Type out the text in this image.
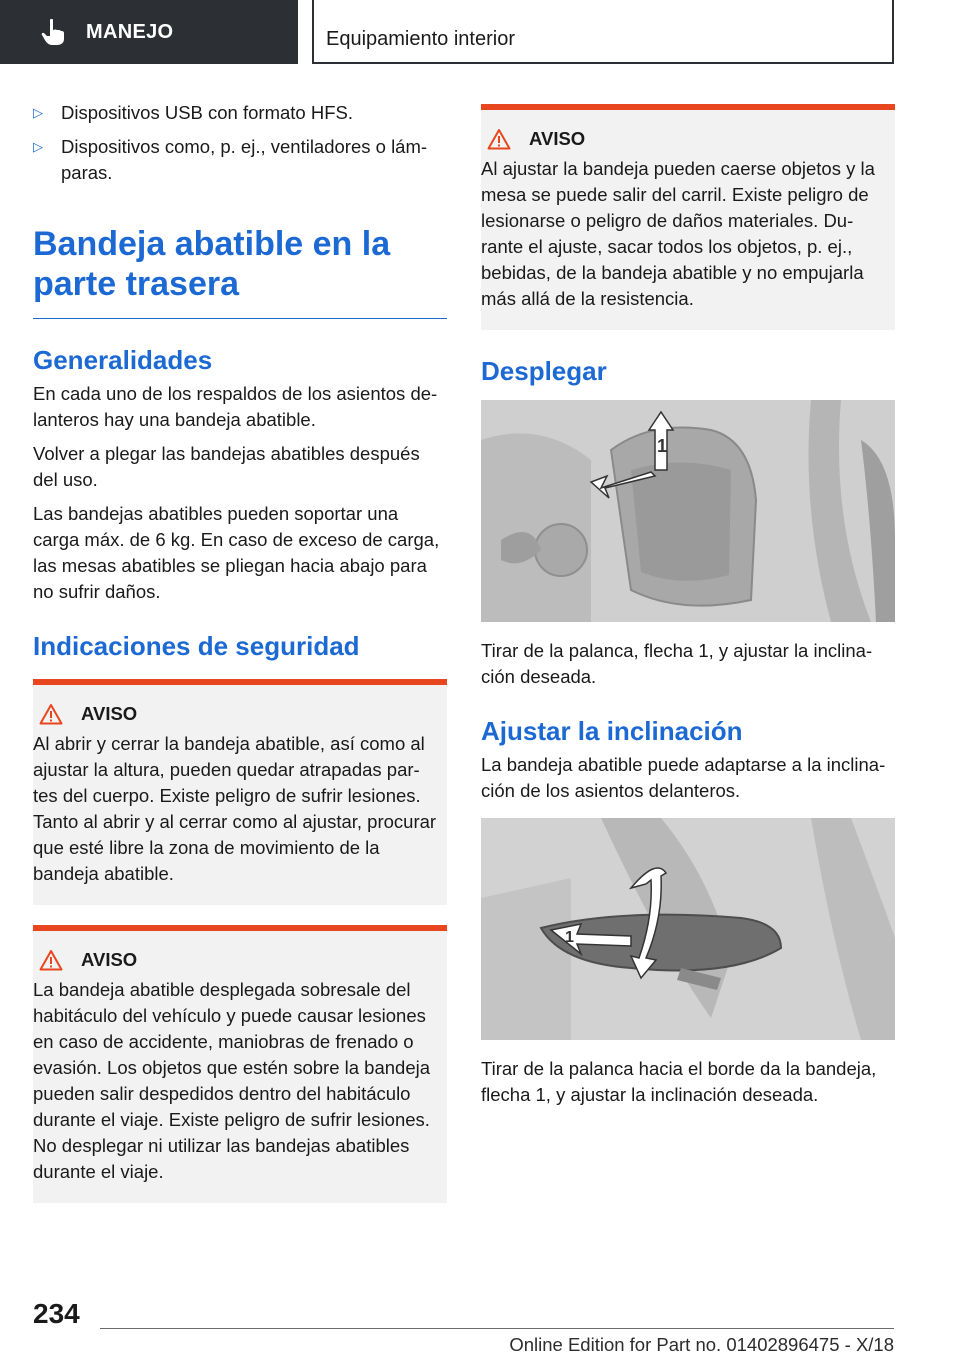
MANEJO	Equipamiento interior
▷ Dispositivos USB con formato HFS.
▷ Dispositivos como, p. ej., ventiladores o lámparas.
Bandeja abatible en la parte trasera
Generalidades

En cada uno de los respaldos de los asientos delanteros hay una bandeja abatible.

Volver a plegar las bandejas abatibles después del uso.

Las bandejas abatibles pueden soportar una carga máx. de 6 kg. En caso de exceso de carga, las mesas abatibles se pliegan hacia abajo para no sufrir daños.

Indicaciones de seguridad
AVISO

Al abrir y cerrar la bandeja abatible, así como al ajustar la altura, pueden quedar atrapadas partes del cuerpo. Existe peligro de sufrir lesiones. Tanto al abrir y al cerrar como al ajustar, procurar que esté libre la zona de movimiento de la bandeja abatible.

AVISO

La bandeja abatible desplegada sobresale del habitáculo del vehículo y puede causar lesiones en caso de accidente, maniobras de frenado o evasión. Los objetos que estén sobre la bandeja pueden salir despedidos dentro del habitáculo durante el viaje. Existe peligro de sufrir lesiones. No desplegar ni utilizar las bandejas abatibles durante el viaje.

AVISO

Al ajustar la bandeja pueden caerse objetos y la mesa se puede salir del carril. Existe peligro de lesionarse o peligro de daños materiales. Durante el ajuste, sacar todos los objetos, p. ej., bebidas, de la bandeja abatible y no empujarla más allá de la resistencia.

Desplegar
1

Tirar de la palanca, flecha 1, y ajustar la inclinación deseada.

Ajustar la inclinación

La bandeja abatible puede adaptarse a la inclinación de los asientos delanteros.

1

Tirar de la palanca hacia el borde da la bandeja, flecha 1, y ajustar la inclinación deseada.

234
Online Edition for Part no. 01402896475 - X/18
